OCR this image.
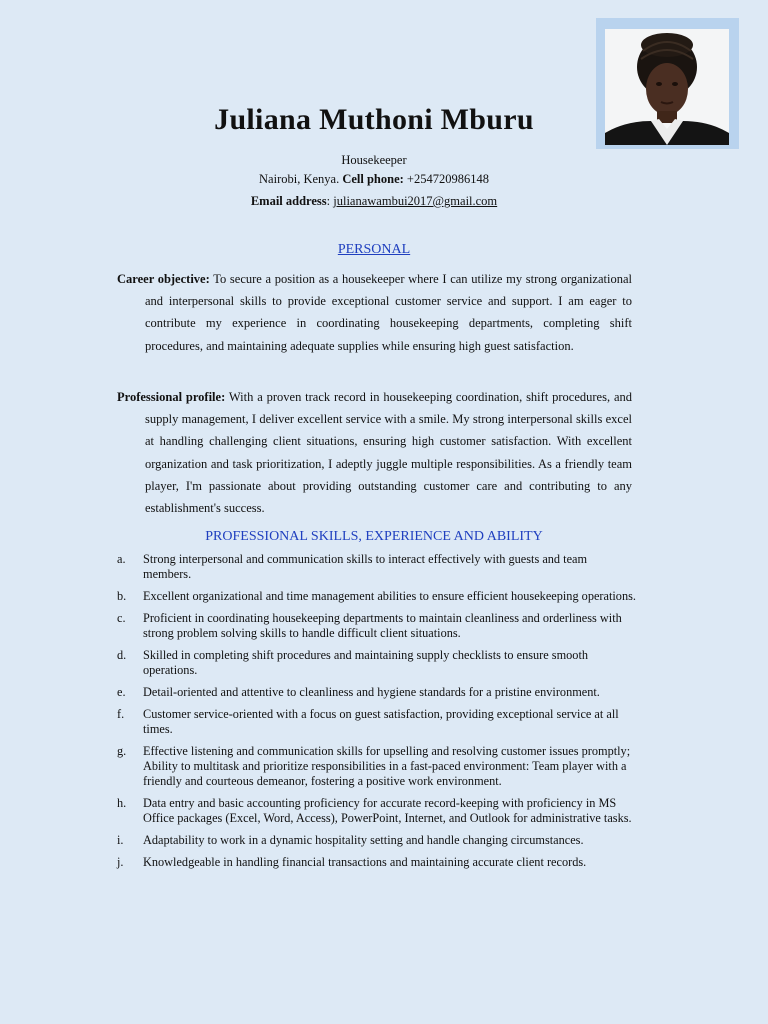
Juliana Muthoni Mburu
Housekeeper
Nairobi, Kenya. Cell phone: +254720986148
Email address: julianawambui2017@gmail.com
PERSONAL
Career objective: To secure a position as a housekeeper where I can utilize my strong organizational and interpersonal skills to provide exceptional customer service and support. I am eager to contribute my experience in coordinating housekeeping departments, completing shift procedures, and maintaining adequate supplies while ensuring high guest satisfaction.
Professional profile: With a proven track record in housekeeping coordination, shift procedures, and supply management, I deliver excellent service with a smile. My strong interpersonal skills excel at handling challenging client situations, ensuring high customer satisfaction. With excellent organization and task prioritization, I adeptly juggle multiple responsibilities. As a friendly team player, I'm passionate about providing outstanding customer care and contributing to any establishment's success.
PROFESSIONAL SKILLS, EXPERIENCE AND ABILITY
a. Strong interpersonal and communication skills to interact effectively with guests and team members.
b. Excellent organizational and time management abilities to ensure efficient housekeeping operations.
c. Proficient in coordinating housekeeping departments to maintain cleanliness and orderliness with strong problem solving skills to handle difficult client situations.
d. Skilled in completing shift procedures and maintaining supply checklists to ensure smooth operations.
e. Detail-oriented and attentive to cleanliness and hygiene standards for a pristine environment.
f. Customer service-oriented with a focus on guest satisfaction, providing exceptional service at all times.
g. Effective listening and communication skills for upselling and resolving customer issues promptly; Ability to multitask and prioritize responsibilities in a fast-paced environment: Team player with a friendly and courteous demeanor, fostering a positive work environment.
h. Data entry and basic accounting proficiency for accurate record-keeping with proficiency in MS Office packages (Excel, Word, Access), PowerPoint, Internet, and Outlook for administrative tasks.
i. Adaptability to work in a dynamic hospitality setting and handle changing circumstances.
j. Knowledgeable in handling financial transactions and maintaining accurate client records.
